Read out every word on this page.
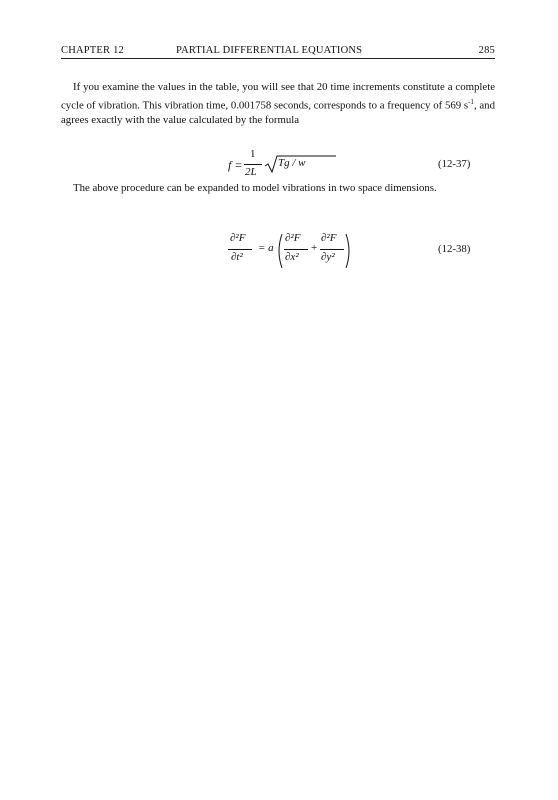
CHAPTER 12	PARTIAL DIFFERENTIAL EQUATIONS	285

If you examine the values in the table, you will see that 20 time increments constitute a complete cycle of vibration. This vibration time, 0.001758 seconds, corresponds to a frequency of 569 $s^{-1}$, and agrees exactly with the value calculated by the formula

f =
1
2L
Tg / w	(12-37)

The above procedure can be expanded to model vibrations in two space dimensions.

∂²F
∂t²
= a
∂²F
∂x²
+
∂²F
∂y²
(12-38)
